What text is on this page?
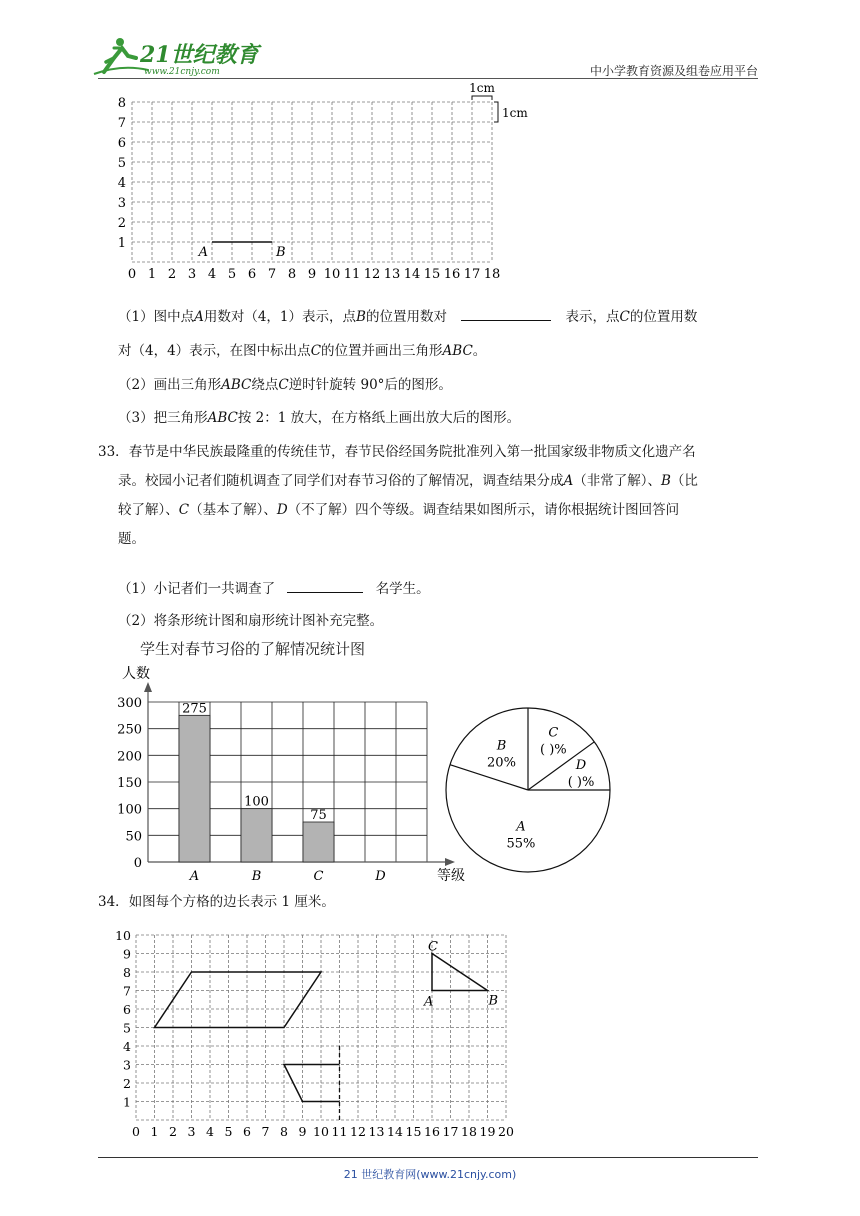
21世纪教育
www.21cnjy.com	中小学教育资源及组卷应用平台
0 1 2 3 4 5 6 7 8 9 10 11 12 13 14 15 16 17 18
1
2
3
4
5
6
7
8
A	B
1cm
1cm
（1）图中点A用数对（4，1）表示，点B的位置用数对	表示，点C的位置用数
对（4，4）表示，在图中标出点C的位置并画出三角形ABC。
（2）画出三角形ABC绕点C逆时针旋转 90°后的图形。
（3）把三角形ABC按 2：1 放大，在方格纸上画出放大后的图形。
33．春节是中华民族最隆重的传统佳节，春节民俗经国务院批准列入第一批国家级非物质文化遗产名
录。校园小记者们随机调查了同学们对春节习俗的了解情况，调查结果分成A（非常了解）、B（比
较了解）、C（基本了解）、D（不了解）四个等级。调查结果如图所示，请你根据统计图回答问
题。
（1）小记者们一共调查了	名学生。
（2）将条形统计图和扇形统计图补充完整。
学生对春节习俗的了解情况统计图
人数
0
50
100
150
200
250
300
等级
275
A
100
B
75
C	D
A
55%
B
20%
C
( )%
D
( )%
34．如图每个方格的边长表示 1 厘米。
0 1 2 3 4 5 6 7 8 9 10 11 12 13 14 15 16 17 18 19 20
1
2
3
4
5
6
7
8
9
10
C
A	B
21 世纪教育网(www.21cnjy.com)
